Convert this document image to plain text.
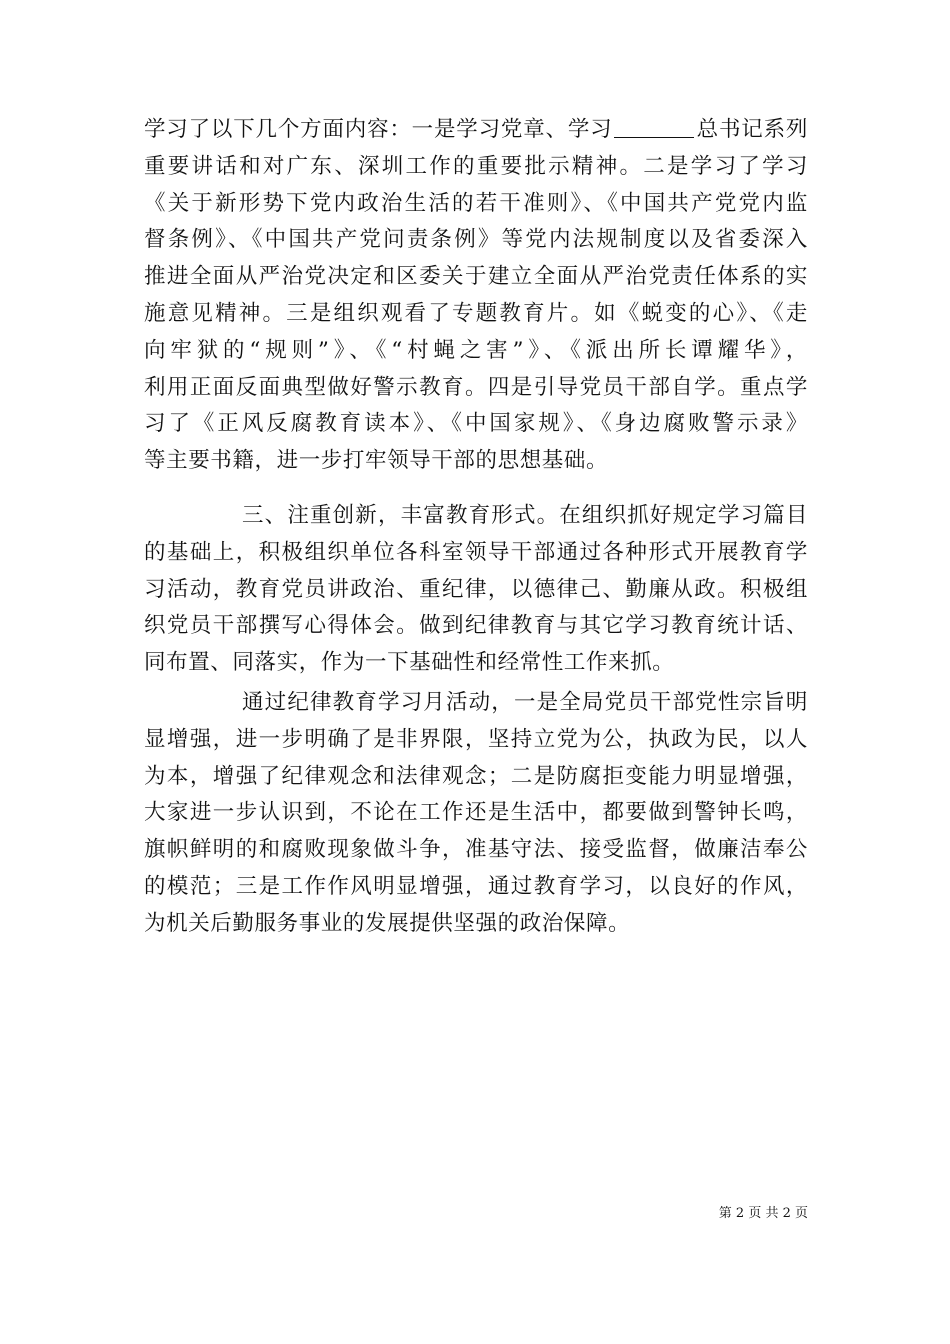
学习了以下几个方面内容：一是学习党章、学习	总书记系列
重要讲话和对广东、深圳工作的重要批示精神。二是学习了学习
《关于新形势下党内政治生活的若干准则》、《中国共产党党内监
督条例》、《中国共产党问责条例》等党内法规制度以及省委深入
推进全面从严治党决定和区委关于建立全面从严治党责任体系的实
施意见精神。三是组织观看了专题教育片。如《蜕变的心》、《走
向牢狱的“规则”》、《“村蝇之害”》、《派出所长谭耀华》，
利用正面反面典型做好警示教育。四是引导党员干部自学。重点学
习了《正风反腐教育读本》、《中国家规》、《身边腐败警示录》
等主要书籍，进一步打牢领导干部的思想基础。
三、注重创新，丰富教育形式。在组织抓好规定学习篇目
的基础上，积极组织单位各科室领导干部通过各种形式开展教育学
习活动，教育党员讲政治、重纪律，以德律己、勤廉从政。积极组
织党员干部撰写心得体会。做到纪律教育与其它学习教育统计话、
同布置、同落实，作为一下基础性和经常性工作来抓。
通过纪律教育学习月活动，一是全局党员干部党性宗旨明
显增强，进一步明确了是非界限，坚持立党为公，执政为民，以人
为本，增强了纪律观念和法律观念；二是防腐拒变能力明显增强，
大家进一步认识到，不论在工作还是生活中，都要做到警钟长鸣，
旗帜鲜明的和腐败现象做斗争，准基守法、接受监督，做廉洁奉公
的模范；三是工作作风明显增强，通过教育学习，以良好的作风，
为机关后勤服务事业的发展提供坚强的政治保障。
第 2 页 共 2 页
